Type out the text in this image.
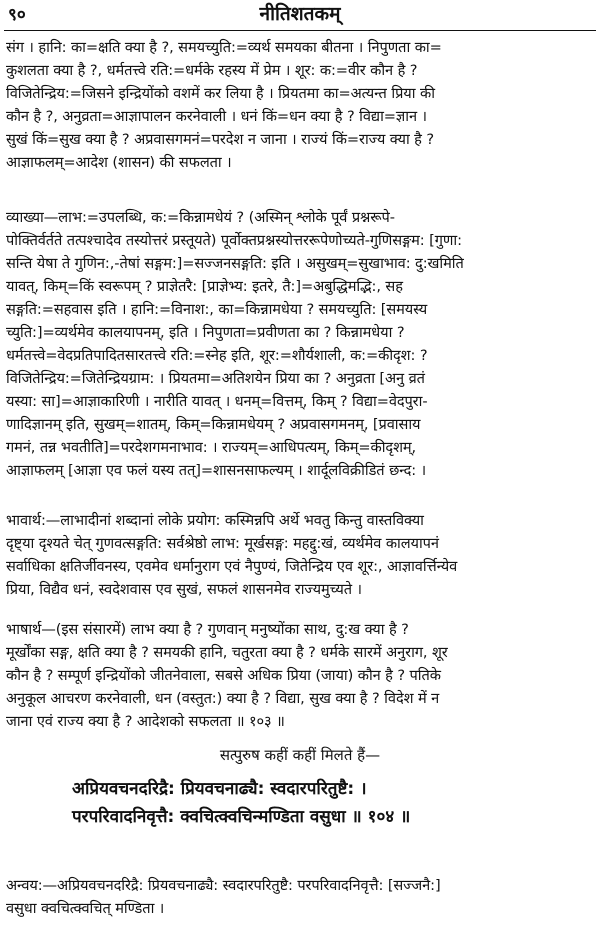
९०	नीतिशतकम्
संग । हानि: का=क्षति क्या है ?, समयच्युति:=व्यर्थ समयका बीतना । निपुणता का=
कुशलता क्या है ?, धर्मतत्त्वे रति:=धर्मके रहस्य में प्रेम । शूर: क:=वीर कौन है ?
विजितेन्द्रिय:=जिसने इन्द्रियोंको वशमें कर लिया है । प्रियतमा का=अत्यन्त प्रिया की
कौन है ?, अनुव्रता=आज्ञापालन करनेवाली । धनं किं=धन क्या है ? विद्या=ज्ञान ।
सुखं किं=सुख क्या है ? अप्रवासगमनं=परदेश न जाना । राज्यं किं=राज्य क्या है ?
आज्ञाफलम्=आदेश (शासन) की सफलता ।
व्याख्या—लाभ:=उपलब्धि, क:=किन्नामधेयं ? (अस्मिन् श्लोके पूर्वं प्रश्नरूपे-
पोक्तिर्वर्तते तत्पश्चादेव तस्योत्तरं प्रस्तूयते) पूर्वोक्तप्रश्नस्योत्तररूपेणोच्यते-गुणिसङ्गम: [गुणा:
सन्ति येषा ते गुणिन:,-तेषां सङ्गम:]=सज्जनसङ्गति: इति । असुखम्=सुखाभाव: दु:खमिति
यावत्, किम्=किं स्वरूपम् ? प्राज्ञेतरै: [प्राज्ञेभ्य: इतरे, तै:]=अबुद्धिमद्भि:, सह
सङ्गति:=सहवास इति । हानि:=विनाश:, का=किन्नामधेया ? समयच्युति: [समयस्य
च्युति:]=व्यर्थमेव कालयापनम्, इति । निपुणता=प्रवीणता का ? किन्नामधेया ?
धर्मतत्त्वे=वेदप्रतिपादितसारतत्त्वे रति:=स्नेह इति, शूर:=शौर्यशाली, क:=कीदृश: ?
विजितेन्द्रिय:=जितेन्द्रियग्राम: । प्रियतमा=अतिशयेन प्रिया का ? अनुव्रता [अनु व्रतं
यस्या: सा]=आज्ञाकारिणी । नारीति यावत् । धनम्=वित्तम्, किम् ? विद्या=वेदपुरा-
णादिज्ञानम् इति, सुखम्=शातम्, किम्=किन्नामधेयम् ? अप्रवासगमनम्, [प्रवासाय
गमनं, तन्न भवतीति]=परदेशगमनाभाव: । राज्यम्=आधिपत्यम्, किम्=कीदृशम्,
आज्ञाफलम् [आज्ञा एव फलं यस्य तत्]=शासनसाफल्यम् । शार्दूलविक्रीडितं छन्द: ।
भावार्थ:—लाभादीनां शब्दानां लोके प्रयोग: कस्मिन्नपि अर्थे भवतु किन्तु वास्तविक्या
दृष्ट्या दृश्यते चेत् गुणवत्सङ्गति: सर्वश्रेष्ठो लाभ: मूर्खसङ्ग: महद्दु:खं, व्यर्थमेव कालयापनं
सर्वाधिका क्षतिर्जीवनस्य, एवमेव धर्मानुराग एवं नैपुण्यं, जितेन्द्रिय एव शूर:, आज्ञावर्त्तिन्येव
प्रिया, विद्यैव धनं, स्वदेशवास एव सुखं, सफलं शासनमेव राज्यमुच्यते ।
भाषार्थ—(इस संसारमें) लाभ क्या है ? गुणवान् मनुष्योंका साथ, दु:ख क्या है ?
मूर्खोंका सङ्ग, क्षति क्या है ? समयकी हानि, चतुरता क्या है ? धर्मके सारमें अनुराग, शूर
कौन है ? सम्पूर्ण इन्द्रियोंको जीतनेवाला, सबसे अधिक प्रिया (जाया) कौन है ? पतिके
अनुकूल आचरण करनेवाली, धन (वस्तुत:) क्या है ? विद्या, सुख क्या है ? विदेश में न
जाना एवं राज्य क्या है ? आदेशको सफलता ॥ १०३ ॥
सत्पुरुष कहीं कहीं मिलते हैं—
अप्रियवचनदरिद्रै: प्रियवचनाढ्यै: स्वदारपरितुष्टै: ।
परपरिवादनिवृत्तै: क्वचित्क्वचिन्मण्डिता वसुधा ॥ १०४ ॥
अन्वय:—अप्रियवचनदरिद्रै: प्रियवचनाढ्यै: स्वदारपरितुष्टै: परपरिवादनिवृत्तै: [सज्जनै:]
वसुधा क्वचित्क्वचित् मण्डिता ।
